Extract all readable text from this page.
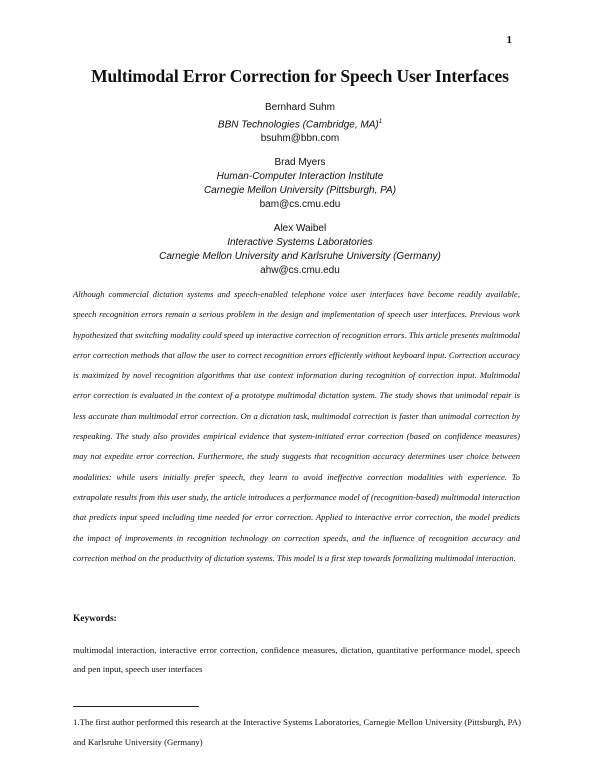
1
Multimodal Error Correction for Speech User Interfaces
Bernhard Suhm
BBN Technologies (Cambridge, MA)$^1$
bsuhm@bbn.com
Brad Myers
Human-Computer Interaction Institute
Carnegie Mellon University (Pittsburgh, PA)
bam@cs.cmu.edu
Alex Waibel
Interactive Systems Laboratories
Carnegie Mellon University and Karlsruhe University (Germany)
ahw@cs.cmu.edu

Although commercial dictation systems and speech-enabled telephone voice user interfaces have become readily available, speech recognition errors remain a serious problem in the design and implementation of speech user interfaces. Previous work hypothesized that switching modality could speed up interactive correction of recognition errors. This article presents multimodal error correction methods that allow the user to correct recognition errors efficiently without keyboard input. Correction accuracy is maximized by novel recognition algorithms that use context information during recognition of correction input. Multimodal error correction is evaluated in the context of a prototype multimodal dictation system. The study shows that unimodal repair is less accurate than multimodal error correction. On a dictation task, multimodal correction is faster than unimodal correction by respeaking. The study also provides empirical evidence that system-initiated error correction (based on confidence measures) may not expedite error correction. Furthermore, the study suggests that recognition accuracy determines user choice between modalities: while users initially prefer speech, they learn to avoid ineffective correction modalities with experience. To extrapolate results from this user study, the article introduces a performance model of (recognition-based) multimodal interaction that predicts input speed including time needed for error correction. Applied to interactive error correction, the model predicts the impact of improvements in recognition technology on correction speeds, and the influence of recognition accuracy and correction method on the productivity of dictation systems. This model is a first step towards formalizing multimodal interaction.

Keywords:

multimodal interaction, interactive error correction, confidence measures, dictation, quantitative performance model, speech and pen input, speech user interfaces

1.The first author performed this research at the Interactive Systems Laboratories, Carnegie Mellon University (Pittsburgh, PA) and Karlsruhe University (Germany)
